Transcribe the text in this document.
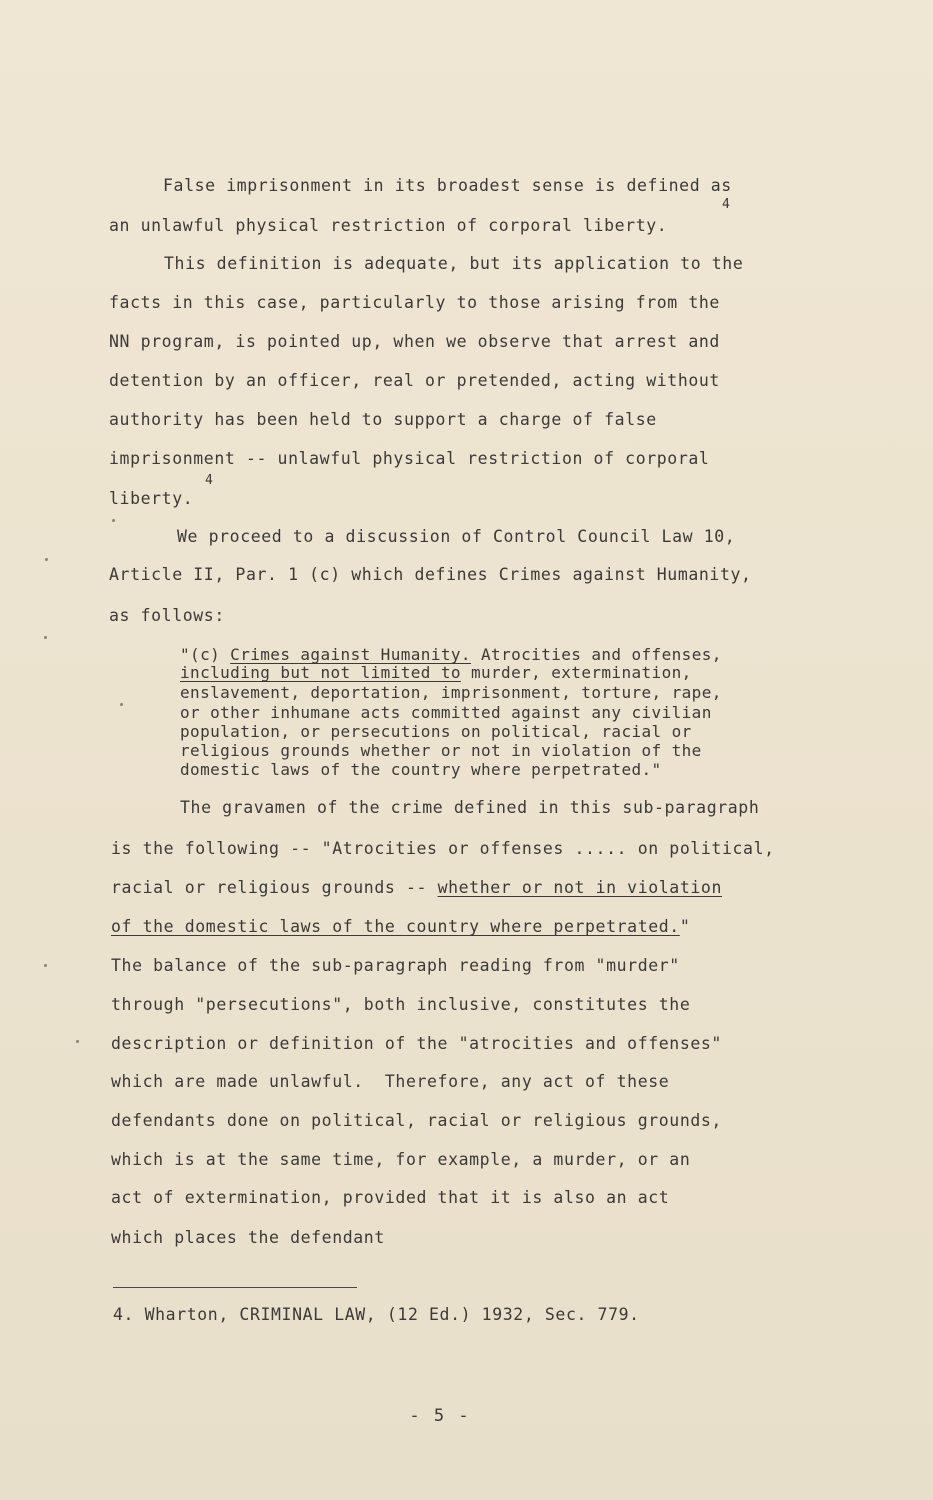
False imprisonment in its broadest sense is defined as
4
an unlawful physical restriction of corporal liberty.
This definition is adequate, but its application to the
facts in this case, particularly to those arising from the
NN program, is pointed up, when we observe that arrest and
detention by an officer, real or pretended, acting without
authority has been held to support a charge of false
imprisonment -- unlawful physical restriction of corporal
4
liberty.
We proceed to a discussion of Control Council Law 10,
Article II, Par. 1 (c) which defines Crimes against Humanity,
as follows:
"(c) Crimes against Humanity. Atrocities and offenses,
including but not limited to murder, extermination,
enslavement, deportation, imprisonment, torture, rape,
or other inhumane acts committed against any civilian
population, or persecutions on political, racial or
religious grounds whether or not in violation of the
domestic laws of the country where perpetrated."
The gravamen of the crime defined in this sub-paragraph
is the following -- "Atrocities or offenses ..... on political,
racial or religious grounds -- whether or not in violation
of the domestic laws of the country where perpetrated."
The balance of the sub-paragraph reading from "murder"
through "persecutions", both inclusive, constitutes the
description or definition of the "atrocities and offenses"
which are made unlawful.  Therefore, any act of these
defendants done on political, racial or religious grounds,
which is at the same time, for example, a murder, or an
act of extermination, provided that it is also an act
which places the defendant
4. Wharton, CRIMINAL LAW, (12 Ed.) 1932, Sec. 779.
- 5 -
